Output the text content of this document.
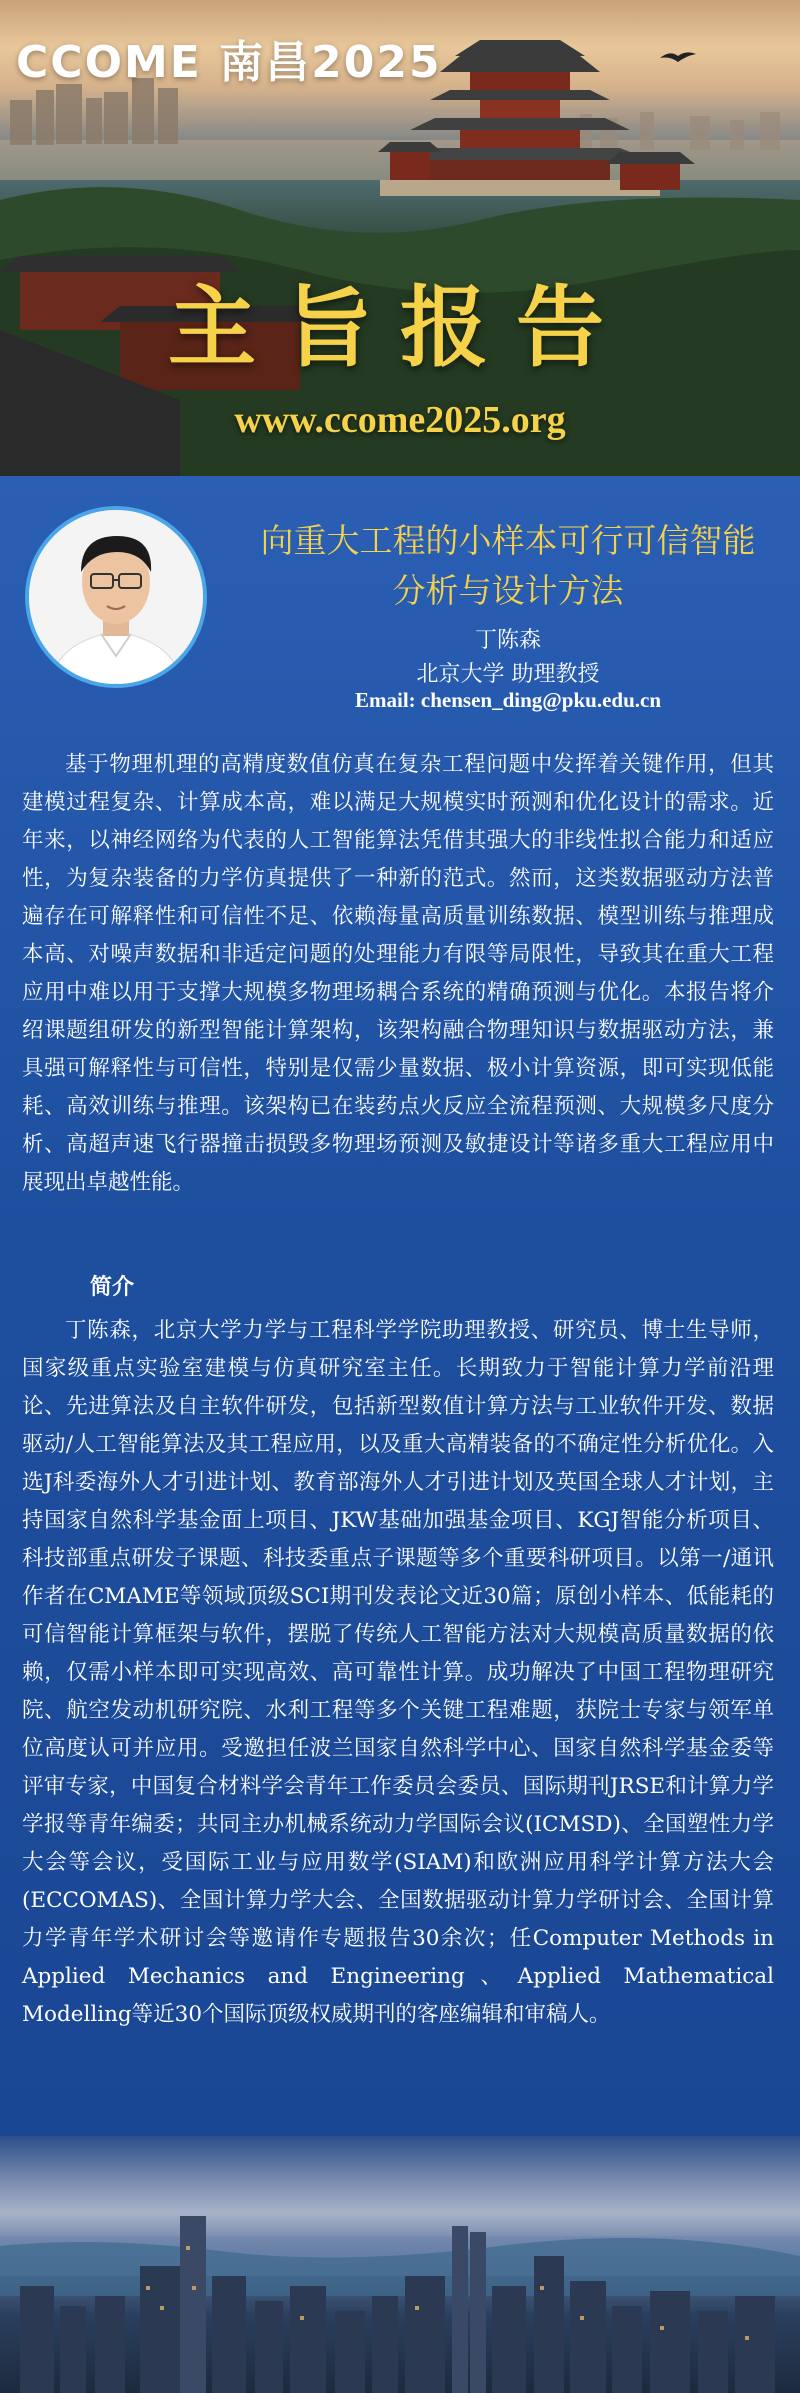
CCOME 南昌2025
主旨报告
www.ccome2025.org
向重大工程的小样本可行可信智能
分析与设计方法
丁陈森
北京大学 助理教授
Email: chensen_ding@pku.edu.cn

基于物理机理的高精度数值仿真在复杂工程问题中发挥着关键作用，但其建模过程复杂、计算成本高，难以满足大规模实时预测和优化设计的需求。近年来，以神经网络为代表的人工智能算法凭借其强大的非线性拟合能力和适应性，为复杂装备的力学仿真提供了一种新的范式。然而，这类数据驱动方法普遍存在可解释性和可信性不足、依赖海量高质量训练数据、模型训练与推理成本高、对噪声数据和非适定问题的处理能力有限等局限性，导致其在重大工程应用中难以用于支撑大规模多物理场耦合系统的精确预测与优化。本报告将介绍课题组研发的新型智能计算架构，该架构融合物理知识与数据驱动方法，兼具强可解释性与可信性，特别是仅需少量数据、极小计算资源，即可实现低能耗、高效训练与推理。该架构已在装药点火反应全流程预测、大规模多尺度分析、高超声速飞行器撞击损毁多物理场预测及敏捷设计等诸多重大工程应用中展现出卓越性能。

简介

丁陈森，北京大学力学与工程科学学院助理教授、研究员、博士生导师，国家级重点实验室建模与仿真研究室主任。长期致力于智能计算力学前沿理论、先进算法及自主软件研发，包括新型数值计算方法与工业软件开发、数据驱动/人工智能算法及其工程应用，以及重大高精装备的不确定性分析优化。入选J科委海外人才引进计划、教育部海外人才引进计划及英国全球人才计划，主持国家自然科学基金面上项目、JKW基础加强基金项目、KGJ智能分析项目、科技部重点研发子课题、科技委重点子课题等多个重要科研项目。以第一/通讯作者在CMAME等领域顶级SCI期刊发表论文近30篇；原创小样本、低能耗的可信智能计算框架与软件，摆脱了传统人工智能方法对大规模高质量数据的依赖，仅需小样本即可实现高效、高可靠性计算。成功解决了中国工程物理研究院、航空发动机研究院、水利工程等多个关键工程难题，获院士专家与领军单位高度认可并应用。受邀担任波兰国家自然科学中心、国家自然科学基金委等评审专家，中国复合材料学会青年工作委员会委员、国际期刊JRSE和计算力学学报等青年编委；共同主办机械系统动力学国际会议(ICMSD)、全国塑性力学大会等会议，受国际工业与应用数学(SIAM)和欧洲应用科学计算方法大会(ECCOMAS)、全国计算力学大会、全国数据驱动计算力学研讨会、全国计算力学青年学术研讨会等邀请作专题报告30余次；任Computer Methods in Applied Mechanics and Engineering、Applied Mathematical Modelling等近30个国际顶级权威期刊的客座编辑和审稿人。
